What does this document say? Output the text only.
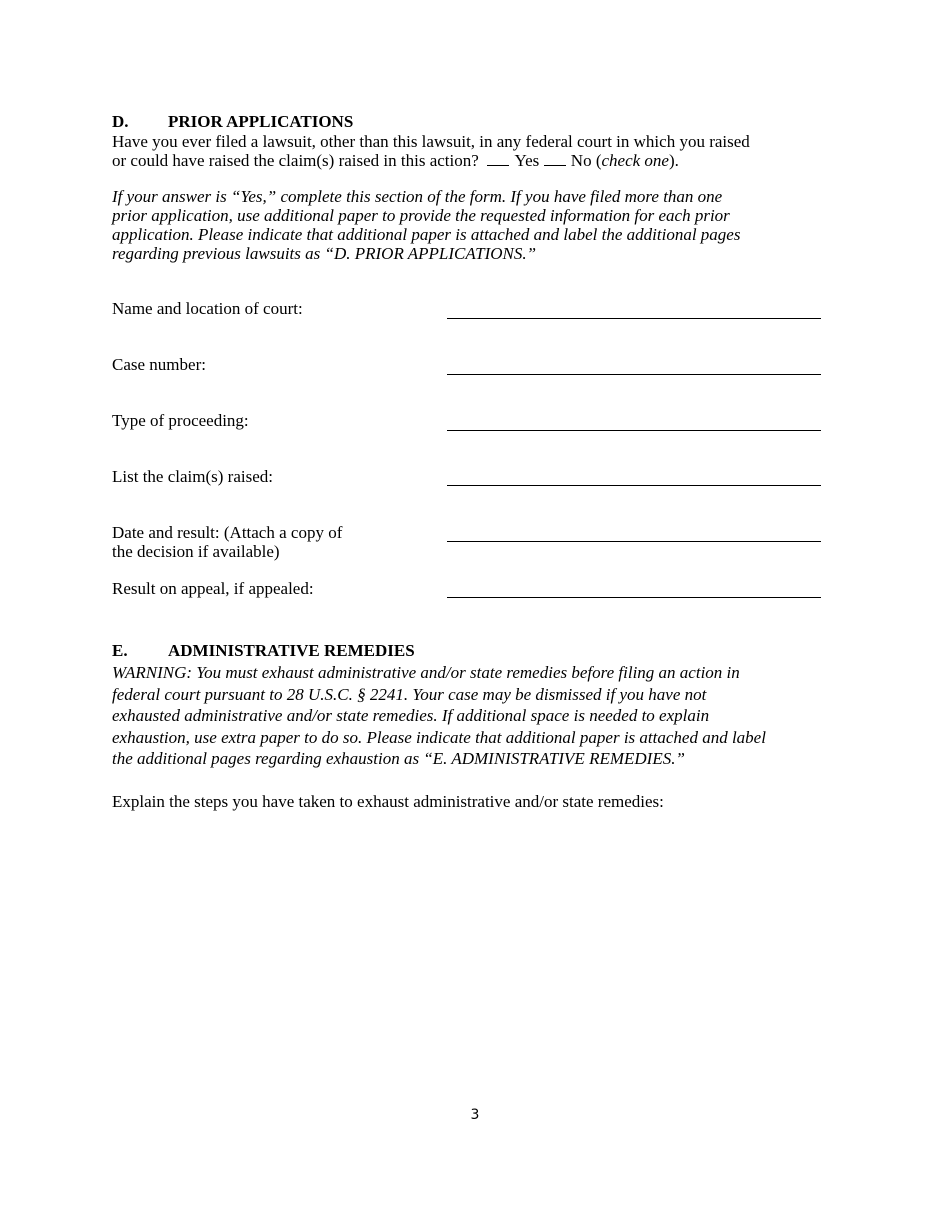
D. PRIOR APPLICATIONS
Have you ever filed a lawsuit, other than this lawsuit, in any federal court in which you raised
or could have raised the claim(s) raised in this action? Yes No (check one).
If your answer is “Yes,” complete this section of the form. If you have filed more than one
prior application, use additional paper to provide the requested information for each prior
application. Please indicate that additional paper is attached and label the additional pages
regarding previous lawsuits as “D. PRIOR APPLICATIONS.”
Name and location of court:
Case number:
Type of proceeding:
List the claim(s) raised:
Date and result: (Attach a copy of
the decision if available)
Result on appeal, if appealed:
E. ADMINISTRATIVE REMEDIES
WARNING: You must exhaust administrative and/or state remedies before filing an action in
federal court pursuant to 28 U.S.C. § 2241. Your case may be dismissed if you have not
exhausted administrative and/or state remedies. If additional space is needed to explain
exhaustion, use extra paper to do so. Please indicate that additional paper is attached and label
the additional pages regarding exhaustion as “E. ADMINISTRATIVE REMEDIES.”
Explain the steps you have taken to exhaust administrative and/or state remedies:
3
